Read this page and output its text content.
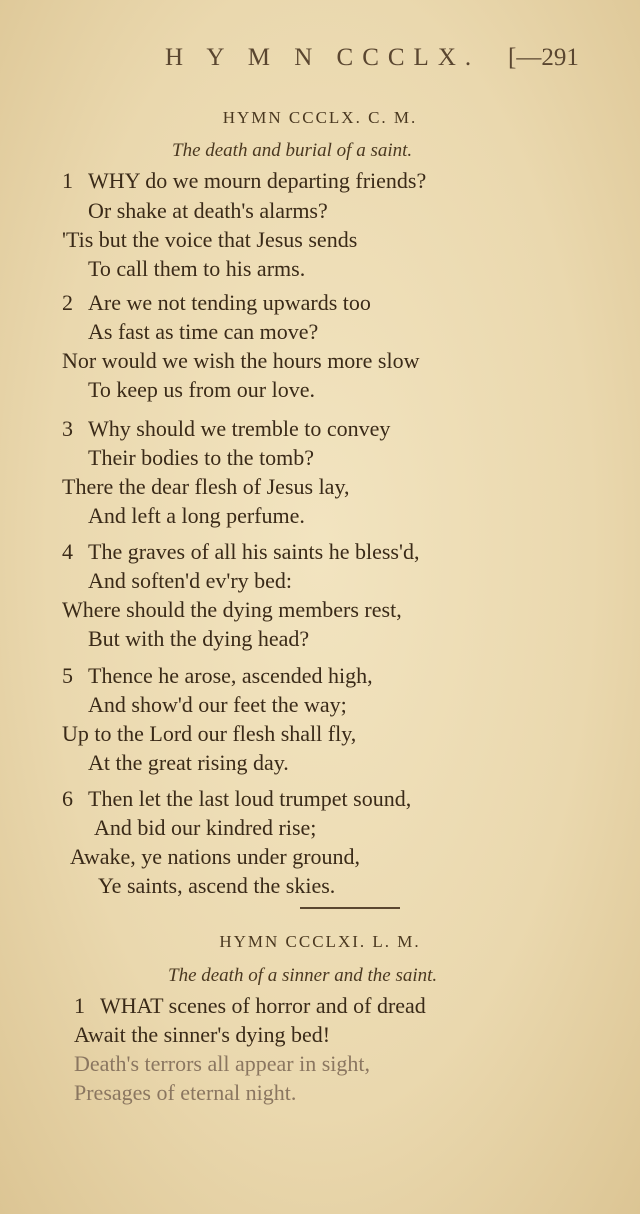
H Y M N CCCLX. [—291
HYMN CCCLX. C. M.
The death and burial of a saint.
1 WHY do we mourn departing friends?
Or shake at death's alarms?
'Tis but the voice that Jesus sends
To call them to his arms.
2 Are we not tending upwards too
As fast as time can move?
Nor would we wish the hours more slow
To keep us from our love.
3 Why should we tremble to convey
Their bodies to the tomb?
There the dear flesh of Jesus lay,
And left a long perfume.
4 The graves of all his saints he bless'd,
And soften'd ev'ry bed:
Where should the dying members rest,
But with the dying head?
5 Thence he arose, ascended high,
And show'd our feet the way;
Up to the Lord our flesh shall fly,
At the great rising day.
6 Then let the last loud trumpet sound,
And bid our kindred rise;
Awake, ye nations under ground,
Ye saints, ascend the skies.
HYMN CCCLXI. L. M.
The death of a sinner and the saint.
1 WHAT scenes of horror and of dread
Await the sinner's dying bed!
Death's terrors all appear in sight,
Presages of eternal night.
